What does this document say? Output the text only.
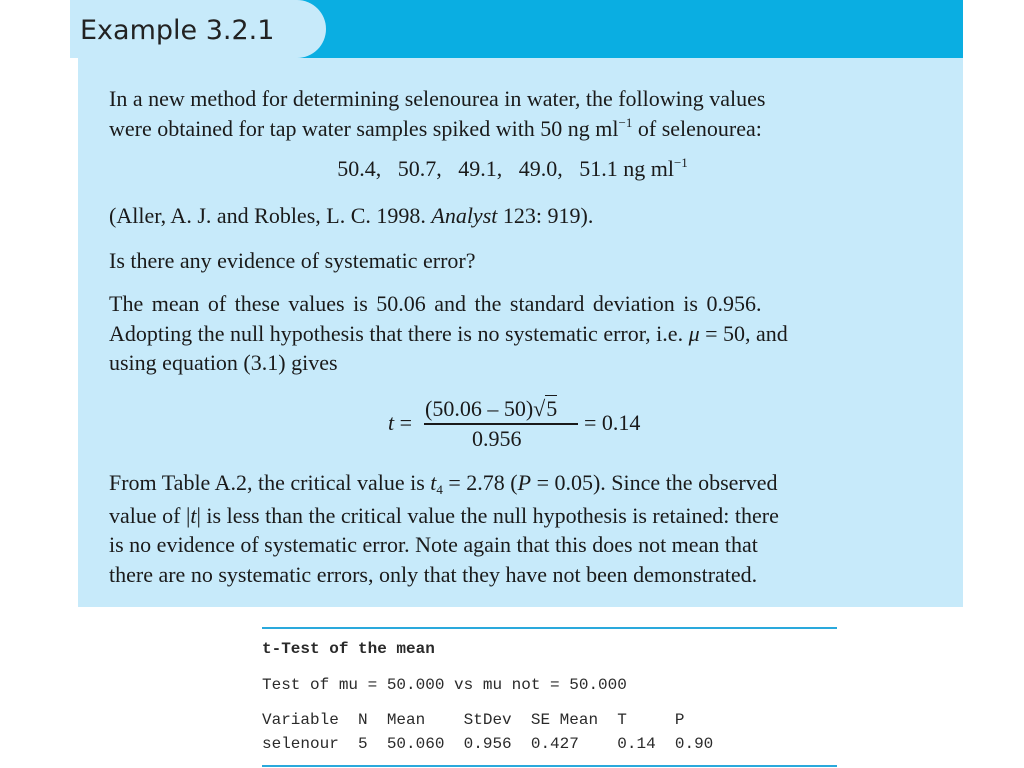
Example 3.2.1

In a new method for determining selenourea in water, the following values
were obtained for tap water samples spiked with 50 ng $ml^{-1}$ of selenourea:

50.4,   50.7,   49.1,   49.0,   51.1 ng $ml^{-1}$

(Aller, A. J. and Robles, L. C. 1998. Analyst 123: 919).

Is there any evidence of systematic error?

The mean of these values is 50.06 and the standard deviation is 0.956.
Adopting the null hypothesis that there is no systematic error, i.e. μ = 50, and
using equation (3.1) gives

t =
(50.06 – 50)√5
0.956
= 0.14

From Table A.2, the critical value is $t_4 = 2.78$ (P = 0.05). Since the observed
value of |t| is less than the critical value the null hypothesis is retained: there
is no evidence of systematic error. Note again that this does not mean that
there are no systematic errors, only that they have not been demonstrated.

t-Test of the mean
Test of mu = 50.000 vs mu not = 50.000
Variable  N  Mean    StDev  SE Mean  T     P
selenour  5  50.060  0.956  0.427    0.14  0.90
